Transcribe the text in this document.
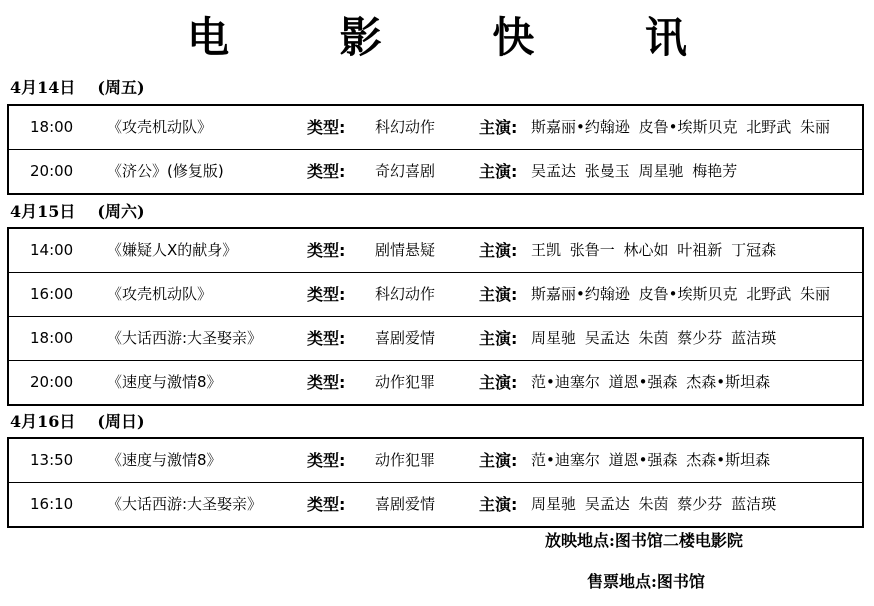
电 影 快 讯
4月14日 (周五)
18:00	《攻壳机动队》	类型: 科幻动作	主演: 斯嘉丽•约翰逊 皮鲁•埃斯贝克 北野武 朱丽
20:00	《济公》(修复版)	类型: 奇幻喜剧	主演: 吴孟达 张曼玉 周星驰 梅艳芳
4月15日 (周六)
14:00	《嫌疑人X的献身》	类型: 剧情悬疑	主演: 王凯 张鲁一 林心如 叶祖新 丁冠森
16:00	《攻壳机动队》	类型: 科幻动作	主演: 斯嘉丽•约翰逊 皮鲁•埃斯贝克 北野武 朱丽
18:00	《大话西游:大圣娶亲》	类型: 喜剧爱情	主演: 周星驰 吴孟达 朱茵 蔡少芬 蓝洁瑛
20:00	《速度与激情8》	类型: 动作犯罪	主演: 范•迪塞尔 道恩•强森 杰森•斯坦森
4月16日 (周日)
13:50	《速度与激情8》	类型: 动作犯罪	主演: 范•迪塞尔 道恩•强森 杰森•斯坦森
16:10	《大话西游:大圣娶亲》	类型: 喜剧爱情	主演: 周星驰 吴孟达 朱茵 蔡少芬 蓝洁瑛
放映地点:图书馆二楼电影院
售票地点:图书馆
